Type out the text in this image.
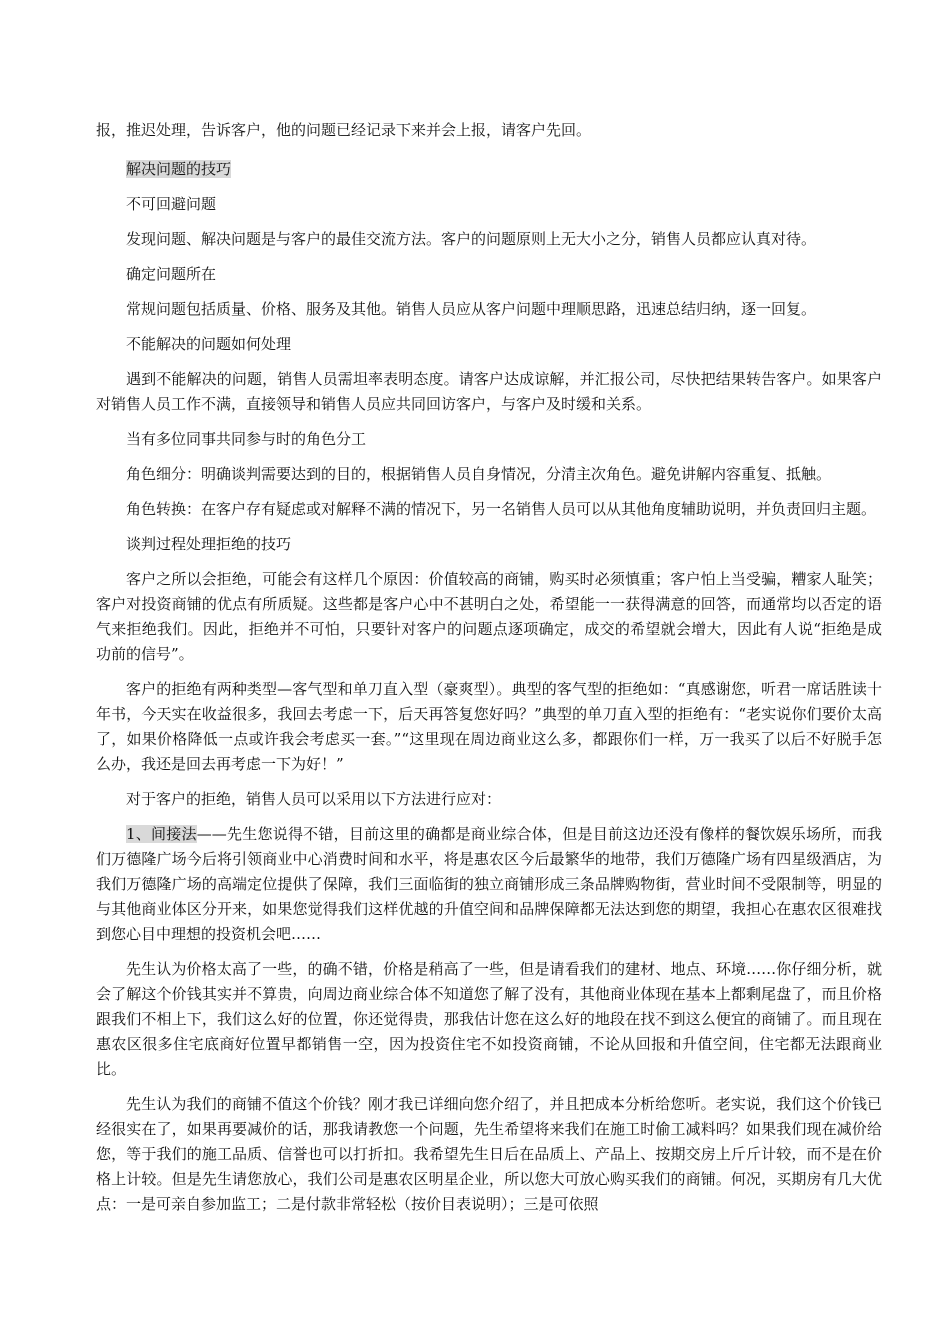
报，推迟处理，告诉客户，他的问题已经记录下来并会上报，请客户先回。

解决问题的技巧

不可回避问题

发现问题、解决问题是与客户的最佳交流方法。客户的问题原则上无大小之分，销售人员都应认真对待。

确定问题所在

常规问题包括质量、价格、服务及其他。销售人员应从客户问题中理顺思路，迅速总结归纳，逐一回复。

不能解决的问题如何处理

遇到不能解决的问题，销售人员需坦率表明态度。请客户达成谅解，并汇报公司，尽快把结果转告客户。如果客户对销售人员工作不满，直接领导和销售人员应共同回访客户，与客户及时缓和关系。

当有多位同事共同参与时的角色分工

角色细分：明确谈判需要达到的目的，根据销售人员自身情况，分清主次角色。避免讲解内容重复、抵触。

角色转换：在客户存有疑虑或对解释不满的情况下，另一名销售人员可以从其他角度辅助说明，并负责回归主题。

谈判过程处理拒绝的技巧

客户之所以会拒绝，可能会有这样几个原因：价值较高的商铺，购买时必须慎重；客户怕上当受骗，糟家人耻笑；客户对投资商铺的优点有所质疑。这些都是客户心中不甚明白之处，希望能一一获得满意的回答，而通常均以否定的语气来拒绝我们。因此，拒绝并不可怕，只要针对客户的问题点逐项确定，成交的希望就会增大，因此有人说“拒绝是成功前的信号”。

客户的拒绝有两种类型—客气型和单刀直入型（豪爽型）。典型的客气型的拒绝如：“真感谢您，听君一席话胜读十年书，今天实在收益很多，我回去考虑一下，后天再答复您好吗？”典型的单刀直入型的拒绝有：“老实说你们要价太高了，如果价格降低一点或许我会考虑买一套。”“这里现在周边商业这么多，都跟你们一样，万一我买了以后不好脱手怎么办，我还是回去再考虑一下为好！”

对于客户的拒绝，销售人员可以采用以下方法进行应对：

1、间接法——先生您说得不错，目前这里的确都是商业综合体，但是目前这边还没有像样的餐饮娱乐场所，而我们万德隆广场今后将引领商业中心消费时间和水平，将是惠农区今后最繁华的地带，我们万德隆广场有四星级酒店，为我们万德隆广场的高端定位提供了保障，我们三面临街的独立商铺形成三条品牌购物街，营业时间不受限制等，明显的与其他商业体区分开来，如果您觉得我们这样优越的升值空间和品牌保障都无法达到您的期望，我担心在惠农区很难找到您心目中理想的投资机会吧……

先生认为价格太高了一些，的确不错，价格是稍高了一些，但是请看我们的建材、地点、环境……你仔细分析，就会了解这个价钱其实并不算贵，向周边商业综合体不知道您了解了没有，其他商业体现在基本上都剩尾盘了，而且价格跟我们不相上下，我们这么好的位置，你还觉得贵，那我估计您在这么好的地段在找不到这么便宜的商铺了。而且现在惠农区很多住宅底商好位置早都销售一空，因为投资住宅不如投资商铺，不论从回报和升值空间，住宅都无法跟商业比。

先生认为我们的商铺不值这个价钱？刚才我已详细向您介绍了，并且把成本分析给您听。老实说，我们这个价钱已经很实在了，如果再要减价的话，那我请教您一个问题，先生希望将来我们在施工时偷工减料吗？如果我们现在减价给您，等于我们的施工品质、信誉也可以打折扣。我希望先生日后在品质上、产品上、按期交房上斤斤计较，而不是在价格上计较。但是先生请您放心，我们公司是惠农区明星企业，所以您大可放心购买我们的商铺。何况，买期房有几大优点：一是可亲自参加监工；二是付款非常轻松（按价目表说明）；三是可依照
